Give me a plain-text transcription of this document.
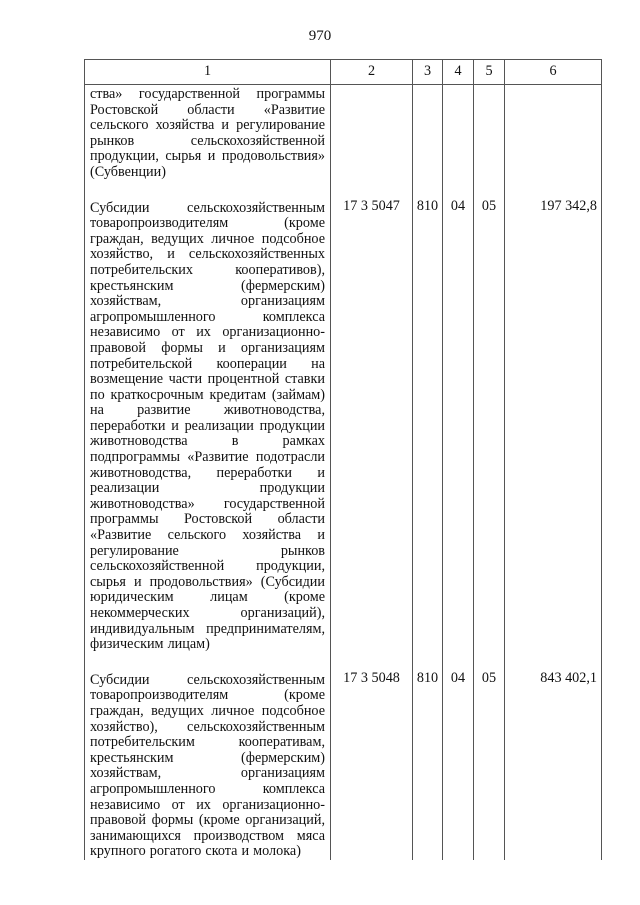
970
1	2	3	4	5	6
ства» государственной программы Ростовской области «Развитие сельского хозяйства и регулирование рынков сельскохозяйственной продукции, сырья и продовольствия» (Субвенции)					
Субсидии сельскохозяйственным товаропроизводителям (кроме граждан, ведущих личное подсобное хозяйство, и сельскохозяйственных потребительских кооперативов), крестьянским (фермерским) хозяйствам, организациям агропромышленного комплекса независимо от их организационно-правовой формы и организациям потребительской кооперации на возмещение части процентной ставки по краткосрочным кредитам (займам) на развитие животноводства, переработки и реализации продукции животноводства в рамках подпрограммы «Развитие подотрасли животноводства, переработки и реализации продукции животноводства» государственной программы Ростовской области «Развитие сельского хозяйства и регулирование рынков сельскохозяйственной продукции, сырья и продовольствия» (Субсидии юридическим лицам (кроме некоммерческих организаций), индивидуальным предпринимателям, физическим лицам)	17 3 5047	810	04	05	197 342,8
Субсидии сельскохозяйственным товаропроизводителям (кроме граждан, ведущих личное подсобное хозяйство), сельскохозяйственным потребительским кооперативам, крестьянским (фермерским) хозяйствам, организациям агропромышленного комплекса независимо от их организационно-правовой формы (кроме организаций, занимающихся производством мяса крупного рогатого скота и молока)	17 3 5048	810	04	05	843 402,1
